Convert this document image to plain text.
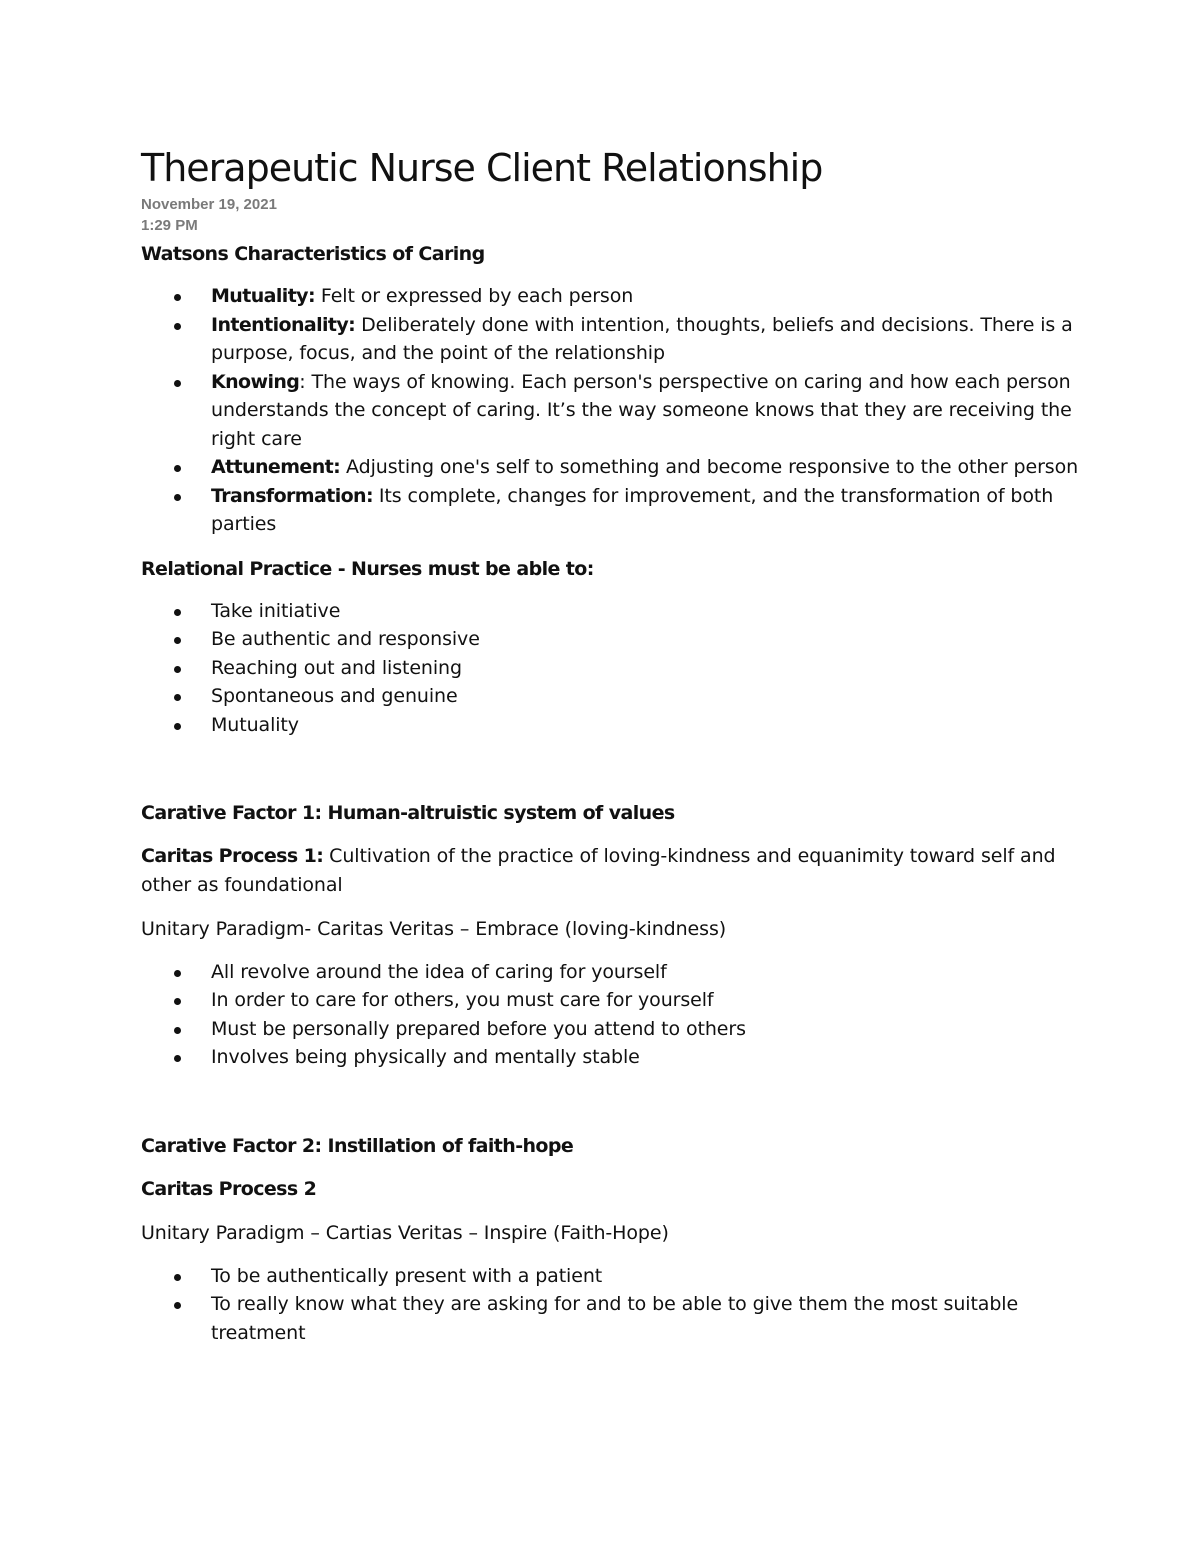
Therapeutic Nurse Client Relationship
November 19, 2021
1:29 PM
Watsons Characteristics of Caring
Mutuality: Felt or expressed by each person
Intentionality: Deliberately done with intention, thoughts, beliefs and decisions. There is a purpose, focus, and the point of the relationship
Knowing: The ways of knowing. Each person's perspective on caring and how each person understands the concept of caring. It’s the way someone knows that they are receiving the right care
Attunement: Adjusting one's self to something and become responsive to the other person
Transformation: Its complete, changes for improvement, and the transformation of both parties
Relational Practice - Nurses must be able to:
Take initiative
Be authentic and responsive
Reaching out and listening
Spontaneous and genuine
Mutuality
Carative Factor 1: Human-altruistic system of values

Caritas Process 1: Cultivation of the practice of loving-kindness and equanimity toward self and other as foundational

Unitary Paradigm- Caritas Veritas – Embrace (loving-kindness)

All revolve around the idea of caring for yourself
In order to care for others, you must care for yourself
Must be personally prepared before you attend to others
Involves being physically and mentally stable
Carative Factor 2: Instillation of faith-hope

Caritas Process 2

Unitary Paradigm – Cartias Veritas – Inspire (Faith-Hope)

To be authentically present with a patient
To really know what they are asking for and to be able to give them the most suitable treatment
